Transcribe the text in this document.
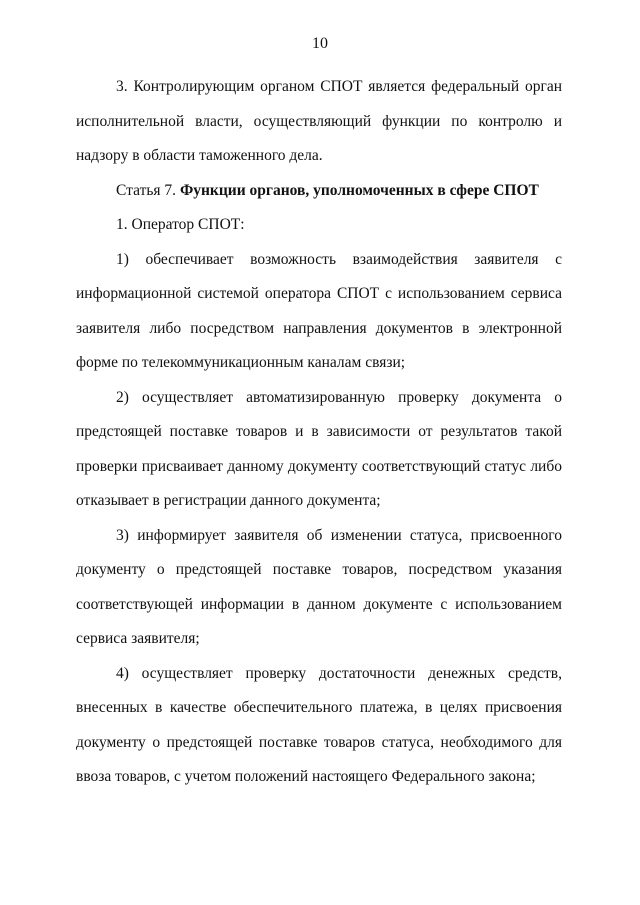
10

3. Контролирующим органом СПОТ является федеральный орган исполнительной власти, осуществляющий функции по контролю и надзору в области таможенного дела.

Статья 7. Функции органов, уполномоченных в сфере СПОТ

1. Оператор СПОТ:

1) обеспечивает возможность взаимодействия заявителя с информационной системой оператора СПОТ с использованием сервиса заявителя либо посредством направления документов в электронной форме по телекоммуникационным каналам связи;

2) осуществляет автоматизированную проверку документа о предстоящей поставке товаров и в зависимости от результатов такой проверки присваивает данному документу соответствующий статус либо отказывает в регистрации данного документа;

3) информирует заявителя об изменении статуса, присвоенного документу о предстоящей поставке товаров, посредством указания соответствующей информации в данном документе с использованием сервиса заявителя;

4) осуществляет проверку достаточности денежных средств, внесенных в качестве обеспечительного платежа, в целях присвоения документу о предстоящей поставке товаров статуса, необходимого для ввоза товаров, с учетом положений настоящего Федерального закона;
